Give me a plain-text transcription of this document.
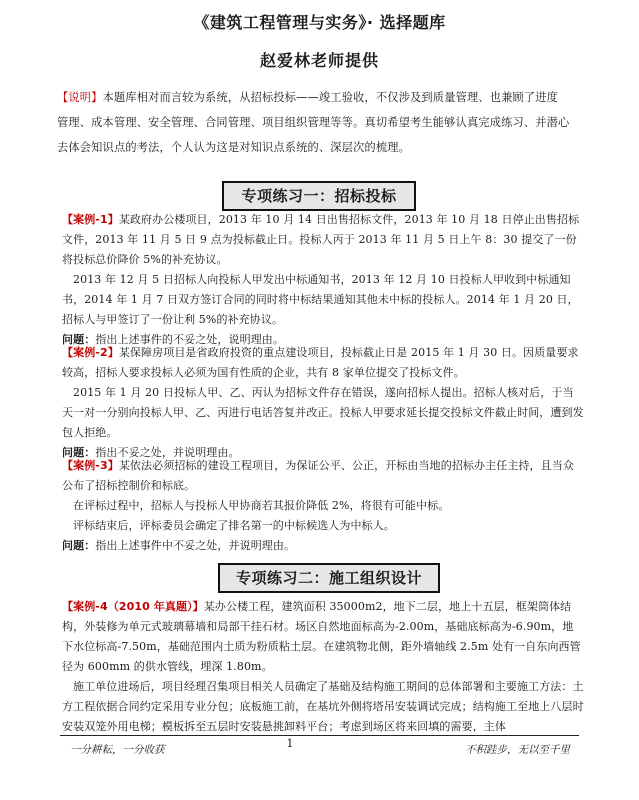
《建筑工程管理与实务》· 选择题库
赵爱林老师提供
【说明】本题库相对而言较为系统，从招标投标——竣工验收，不仅涉及到质量管理、也兼顾了进度
管理、成本管理、安全管理、合同管理、项目组织管理等等。真切希望考生能够认真完成练习、并潜心
去体会知识点的考法，个人认为这是对知识点系统的、深层次的梳理。
专项练习一：招标投标

【案例-1】某政府办公楼项目，2013 年 10 月 14 日出售招标文件，2013 年 10 月 18 日停止出售招标文件，2013 年 11 月 5 日 9 点为投标截止日。投标人丙于 2013 年 11 月 5 日上午 8：30 提交了一份将投标总价降价 5%的补充协议。

2013 年 12 月 5 日招标人向投标人甲发出中标通知书，2013 年 12 月 10 日投标人甲收到中标通知书，2014 年 1 月 7 日双方签订合同的同时将中标结果通知其他未中标的投标人。2014 年 1 月 20 日，招标人与甲签订了一份让利 5%的补充协议。

问题：指出上述事件的不妥之处，说明理由。

【案例-2】某保障房项目是省政府投资的重点建设项目，投标截止日是 2015 年 1 月 30 日。因质量要求较高，招标人要求投标人必须为国有性质的企业，共有 8 家单位提交了投标文件。

2015 年 1 月 20 日投标人甲、乙、丙认为招标文件存在错误，遂向招标人提出。招标人核对后，于当天一对一分别向投标人甲、乙、丙进行电话答复并改正。投标人甲要求延长提交投标文件截止时间，遭到发包人拒绝。

问题：指出不妥之处，并说明理由。

【案例-3】某依法必须招标的建设工程项目，为保证公平、公正，开标由当地的招标办主任主持，且当众公布了招标控制价和标底。

在评标过程中，招标人与投标人甲协商若其报价降低 2%，将很有可能中标。

评标结束后，评标委员会确定了排名第一的中标候选人为中标人。

问题：指出上述事件中不妥之处，并说明理由。

专项练习二：施工组织设计

【案例-4（2010 年真题）】某办公楼工程，建筑面积 35000m2，地下二层，地上十五层，框架筒体结构，外装修为单元式玻璃幕墙和局部干挂石材。场区自然地面标高为-2.00m，基础底标高为-6.90m，地下水位标高-7.50m，基础范围内土质为粉质粘土层。在建筑物北侧，距外墙轴线 2.5m 处有一自东向西管径为 600mm 的供水管线，埋深 1.80m。

施工单位进场后，项目经理召集项目相关人员确定了基础及结构施工期间的总体部署和主要施工方法：土方工程依据合同约定采用专业分包；底板施工前，在基坑外侧将塔吊安装调试完成；结构施工至地上八层时安装双笼外用电梯；模板拆至五层时安装悬挑卸料平台；考虑到场区将来回填的需要，主体

一分耕耘，一分收获	1	不积跬步，无以至千里
